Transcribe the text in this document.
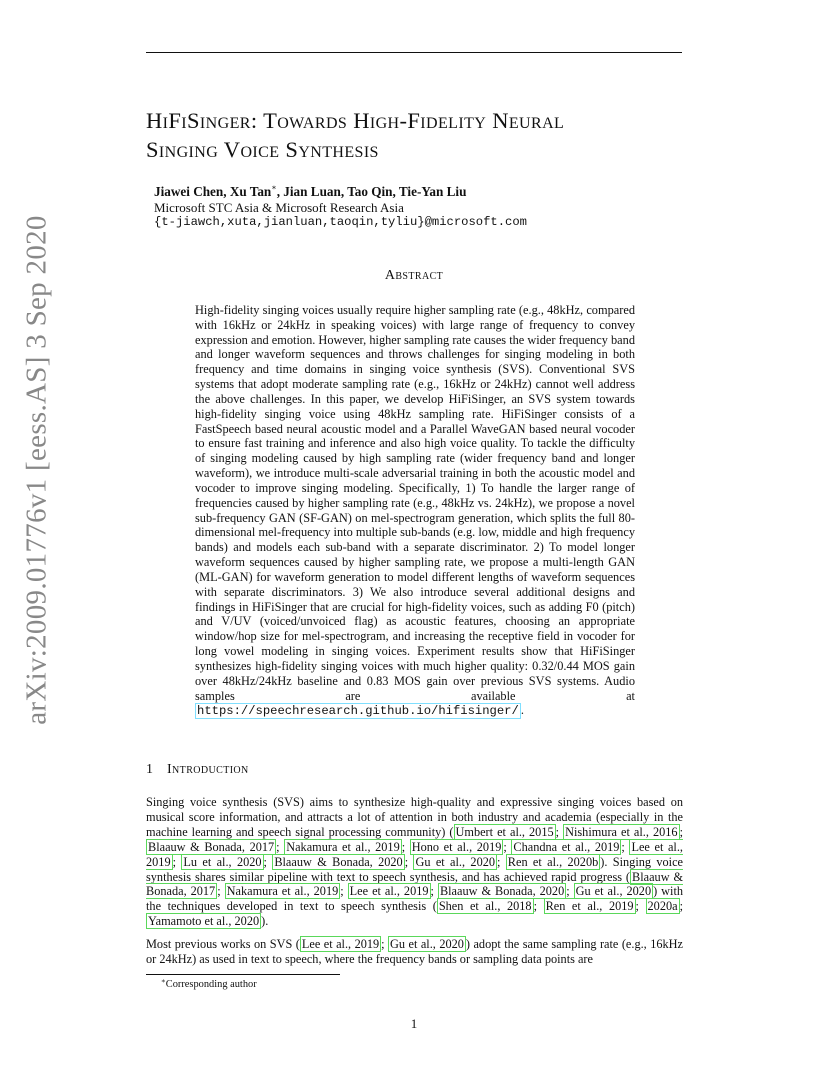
arXiv:2009.01776v1 [eess.AS] 3 Sep 2020
HiFiSinger: Towards High-Fidelity Neural
Singing Voice Synthesis
Jiawei Chen, Xu Tan∗, Jian Luan, Tao Qin, Tie-Yan Liu
Microsoft STC Asia & Microsoft Research Asia
{t-jiawch,xuta,jianluan,taoqin,tyliu}@microsoft.com
Abstract
High-fidelity singing voices usually require higher sampling rate (e.g., 48kHz, compared with 16kHz or 24kHz in speaking voices) with large range of frequency to convey expression and emotion. However, higher sampling rate causes the wider frequency band and longer waveform sequences and throws challenges for singing modeling in both frequency and time domains in singing voice synthesis (SVS). Conventional SVS systems that adopt moderate sampling rate (e.g., 16kHz or 24kHz) cannot well address the above challenges. In this paper, we develop HiFiSinger, an SVS system towards high-fidelity singing voice using 48kHz sampling rate. HiFiSinger consists of a FastSpeech based neural acoustic model and a Parallel WaveGAN based neural vocoder to ensure fast training and inference and also high voice quality. To tackle the difficulty of singing modeling caused by high sampling rate (wider frequency band and longer waveform), we introduce multi-scale adversarial training in both the acoustic model and vocoder to improve singing modeling. Specifically, 1) To handle the larger range of frequencies caused by higher sampling rate (e.g., 48kHz vs. 24kHz), we propose a novel sub-frequency GAN (SF-GAN) on mel-spectrogram generation, which splits the full 80-dimensional mel-frequency into multiple sub-bands (e.g. low, middle and high frequency bands) and models each sub-band with a separate discriminator. 2) To model longer waveform sequences caused by higher sampling rate, we propose a multi-length GAN (ML-GAN) for waveform generation to model different lengths of waveform sequences with separate discriminators. 3) We also introduce several additional designs and findings in HiFiSinger that are crucial for high-fidelity voices, such as adding F0 (pitch) and V/UV (voiced/unvoiced flag) as acoustic features, choosing an appropriate window/hop size for mel-spectrogram, and increasing the receptive field in vocoder for long vowel modeling in singing voices. Experiment results show that HiFiSinger synthesizes high-fidelity singing voices with much higher quality: 0.32/0.44 MOS gain over 48kHz/24kHz baseline and 0.83 MOS gain over previous SVS systems. Audio samples are available at https://speechresearch.github.io/hifisinger/ .
1 Introduction
Singing voice synthesis (SVS) aims to synthesize high-quality and expressive singing voices based on musical score information, and attracts a lot of attention in both industry and academia (especially in the machine learning and speech signal processing community) ( Umbert et al., 2015 ; Nishimura et al., 2016 ; Blaauw & Bonada, 2017 ; Nakamura et al., 2019 ; Hono et al., 2019 ; Chandna et al., 2019 ; Lee et al., 2019 ; Lu et al., 2020 ; Blaauw & Bonada, 2020 ; Gu et al., 2020 ; Ren et al., 2020b ). Singing voice synthesis shares similar pipeline with text to speech synthesis, and has achieved rapid progress ( Blaauw & Bonada, 2017 ; Nakamura et al., 2019 ; Lee et al., 2019 ; Blaauw & Bonada, 2020 ; Gu et al., 2020 ) with the techniques developed in text to speech synthesis ( Shen et al., 2018 ; Ren et al., 2019 ; 2020a ; Yamamoto et al., 2020 ).
Most previous works on SVS ( Lee et al., 2019 ; Gu et al., 2020 ) adopt the same sampling rate (e.g., 16kHz or 24kHz) as used in text to speech, where the frequency bands or sampling data points are
∗Corresponding author
1
